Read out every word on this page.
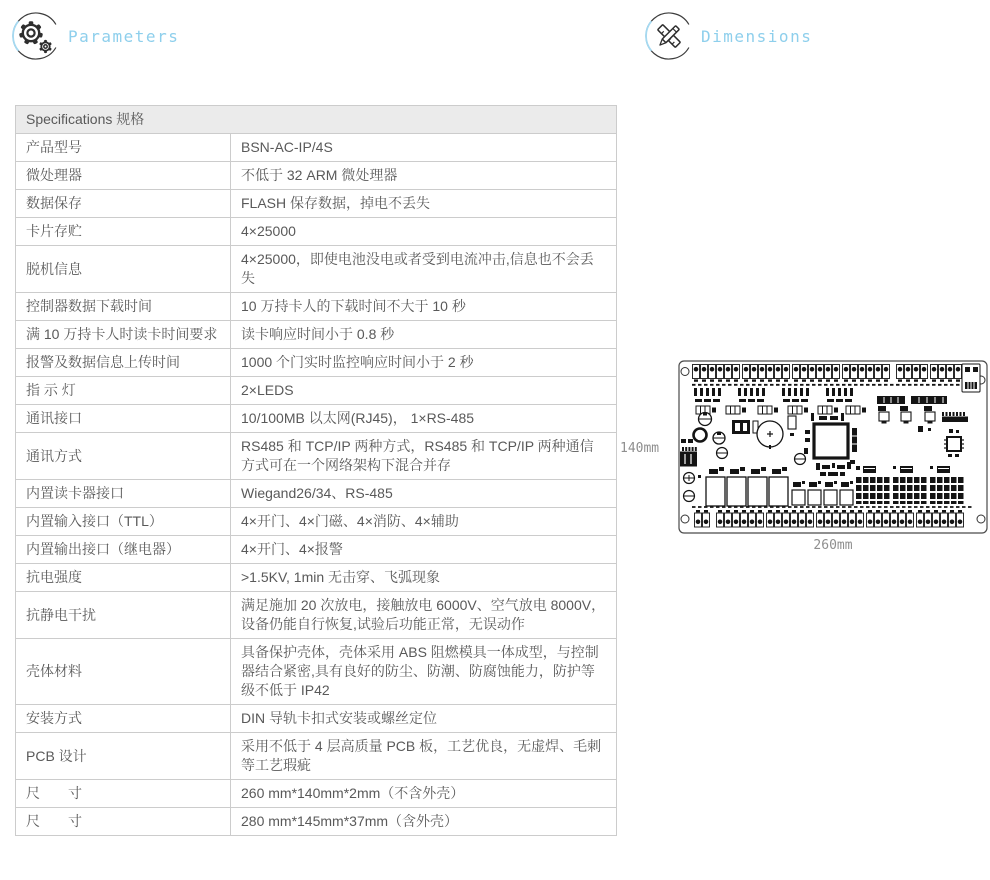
Parameters	Dimensions
Specifications 规格	
产品型号	BSN-AC-IP/4S
微处理器	不低于 32 ARM 微处理器
数据保存	FLASH 保存数据，掉电不丢失
卡片存贮	4×25000
脱机信息	4×25000，即使电池没电或者受到电流冲击,信息也不会丢失
控制器数据下载时间	10 万持卡人的下载时间不大于 10 秒
满 10 万持卡人时读卡时间要求	读卡响应时间小于 0.8 秒
报警及数据信息上传时间	1000 个门实时监控响应时间小于 2 秒
指 示 灯	2×LEDS
通讯接口	10/100MB 以太网(RJ45)， 1×RS-485
通讯方式	RS485 和 TCP/IP 两种方式，RS485 和 TCP/IP 两种通信方式可在一个网络架构下混合并存
内置读卡器接口	Wiegand26/34、RS-485
内置输入接口（TTL）	4×开门、4×门磁、4×消防、4×辅助
内置输出接口（继电器）	4×开门、4×报警
抗电强度	>1.5KV, 1min 无击穿、飞弧现象
抗静电干扰	满足施加 20 次放电，接触放电 6000V、空气放电 8000V，设备仍能自行恢复,试验后功能正常，无误动作
壳体材料	具备保护壳体，壳体采用 ABS 阻燃模具一体成型，与控制器结合紧密,具有良好的防尘、防潮、防腐蚀能力，防护等级不低于 IP42
安装方式	DIN 导轨卡扣式安装或螺丝定位
PCB 设计	采用不低于 4 层高质量 PCB 板，工艺优良，无虚焊、毛刺等工艺瑕疵
尺　　寸	260 mm*140mm*2mm（不含外壳）
尺　　寸	280 mm*145mm*37mm（含外壳）
140mm
260mm
